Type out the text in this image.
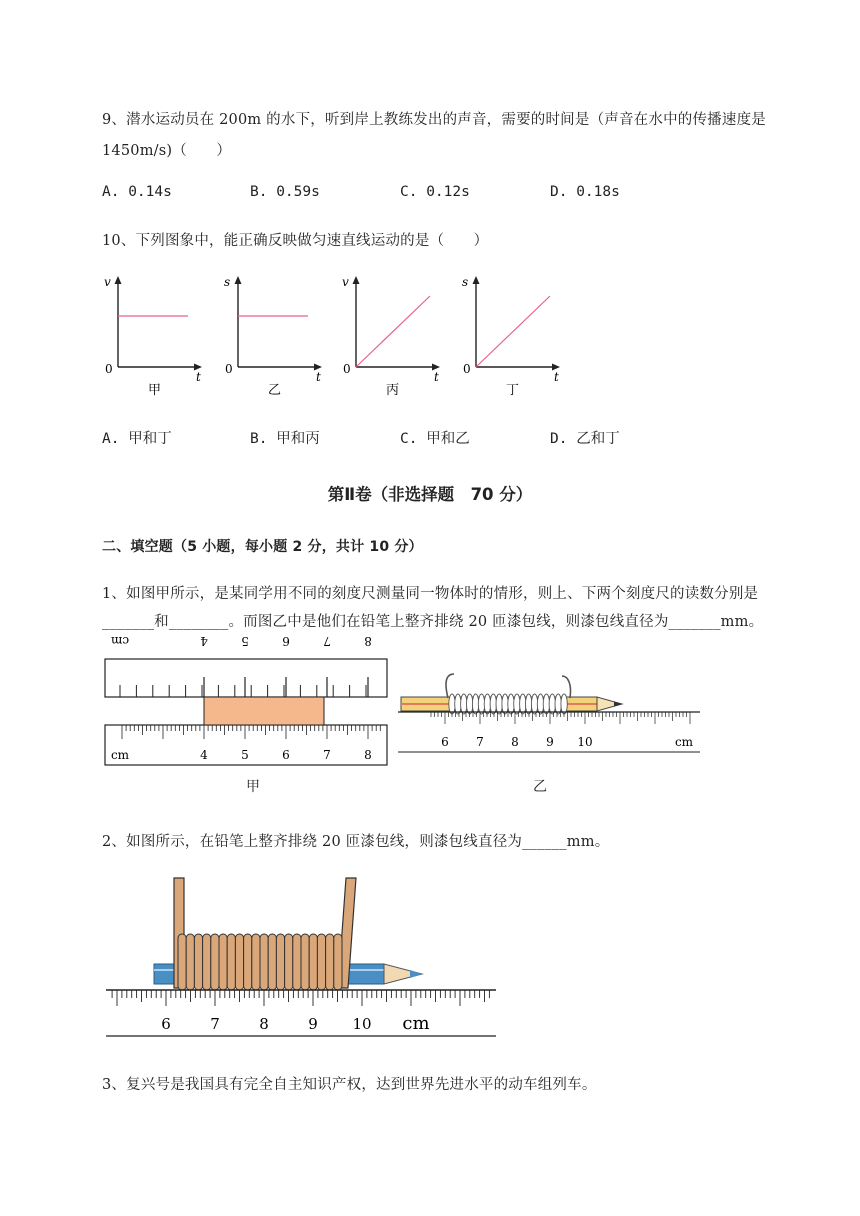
9、潜水运动员在 200m 的水下，听到岸上教练发出的声音，需要的时间是（声音在水中的传播速度是
1450m/s)（　　）
A. 0.14s	B. 0.59s	C. 0.12s	D. 0.18s
10、下列图象中，能正确反映做匀速直线运动的是（　　）
v
t
0
甲
s
t
0
乙
v
t
0
丙
s
t
0
丁
A. 甲和丁	B. 甲和丙	C. 甲和乙	D. 乙和丁
第Ⅱ卷（非选择题　70 分）
二、填空题（5 小题，每小题 2 分，共计 10 分）
1、如图甲所示，是某同学用不同的刻度尺测量同一物体时的情形，则上、下两个刻度尺的读数分别是
_______和________。而图乙中是他们在铅笔上整齐排绕 20 匝漆包线，则漆包线直径为_______mm。
cm	4	5	6	7	8
cm	4	5	6	7	8
甲
6 7 8 9 10	cm
乙
2、如图所示，在铅笔上整齐排绕 20 匝漆包线，则漆包线直径为______mm。
6	7	8	9 10 cm
3、复兴号是我国具有完全自主知识产权，达到世界先进水平的动车组列车。
